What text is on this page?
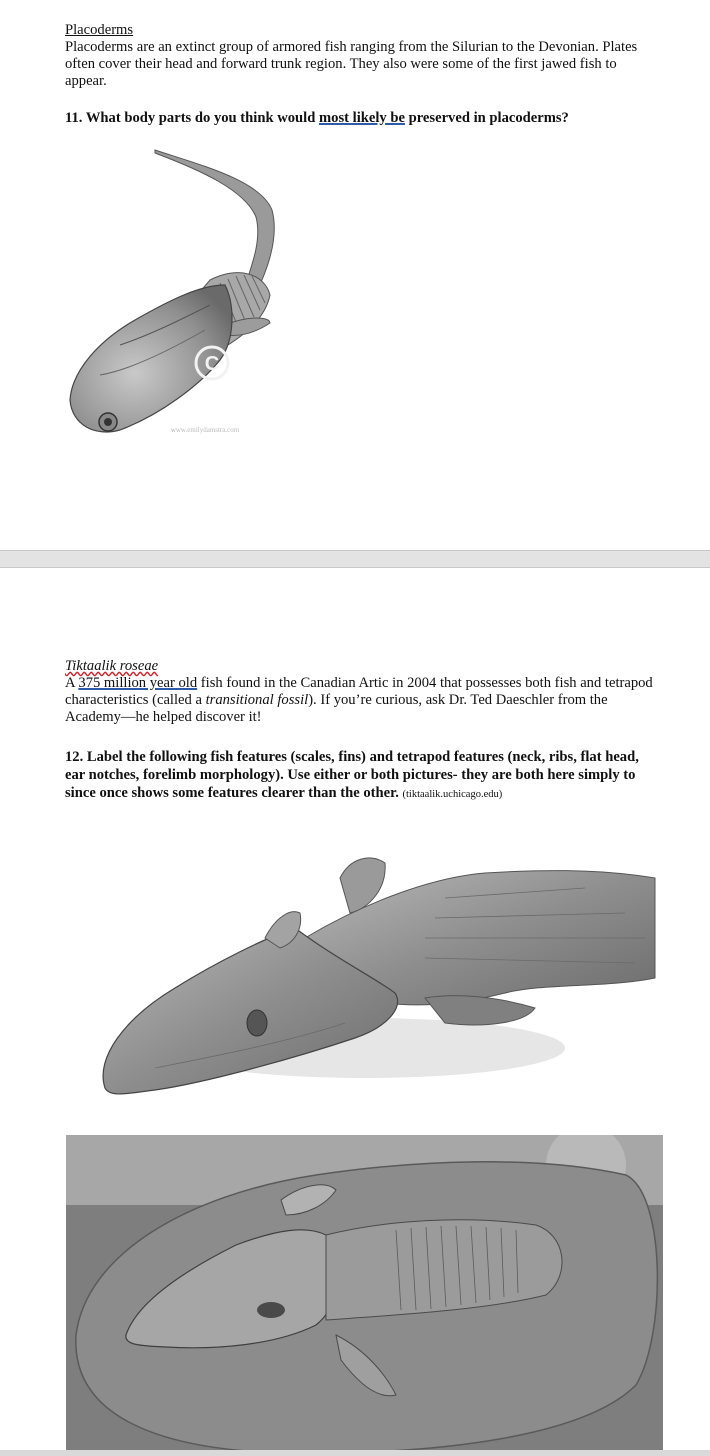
Placoderms
Placoderms are an extinct group of armored fish ranging from the Silurian to the Devonian. Plates often cover their head and forward trunk region. They also were some of the first jawed fish to appear.
11. What body parts do you think would most likely be preserved in placoderms?
C
www.emilydamstra.com
Tiktaalik roseae
A 375 million year old fish found in the Canadian Artic in 2004 that possesses both fish and tetrapod characteristics (called a transitional fossil). If you’re curious, ask Dr. Ted Daeschler from the Academy—he helped discover it!
12. Label the following fish features (scales, fins) and tetrapod features (neck, ribs, flat head, ear notches, forelimb morphology). Use either or both pictures- they are both here simply to since once shows some features clearer than the other. (tiktaalik.uchicago.edu)
